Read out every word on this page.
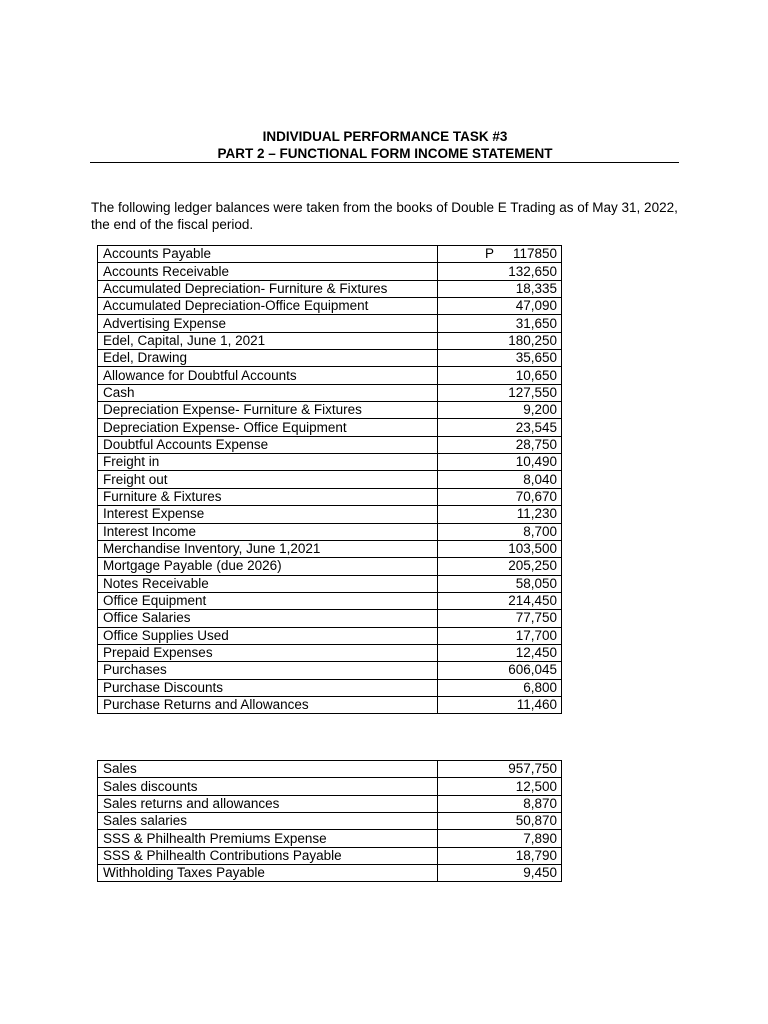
INDIVIDUAL PERFORMANCE TASK #3
PART 2 – FUNCTIONAL FORM INCOME STATEMENT
The following ledger balances were taken from the books of Double E Trading as of May 31, 2022, the end of the fiscal period.
Accounts Payable	P 117850
Accounts Receivable	132,650
Accumulated Depreciation- Furniture & Fixtures	18,335
Accumulated Depreciation-Office Equipment	47,090
Advertising Expense	31,650
Edel, Capital, June 1, 2021	180,250
Edel, Drawing	35,650
Allowance for Doubtful Accounts	10,650
Cash	127,550
Depreciation Expense- Furniture & Fixtures	9,200
Depreciation Expense- Office Equipment	23,545
Doubtful Accounts Expense	28,750
Freight in	10,490
Freight out	8,040
Furniture & Fixtures	70,670
Interest Expense	11,230
Interest Income	8,700
Merchandise Inventory, June 1,2021	103,500
Mortgage Payable (due 2026)	205,250
Notes Receivable	58,050
Office Equipment	214,450
Office Salaries	77,750
Office Supplies Used	17,700
Prepaid Expenses	12,450
Purchases	606,045
Purchase Discounts	6,800
Purchase Returns and Allowances	11,460
Sales	957,750
Sales discounts	12,500
Sales returns and allowances	8,870
Sales salaries	50,870
SSS & Philhealth Premiums Expense	7,890
SSS & Philhealth Contributions Payable	18,790
Withholding Taxes Payable	9,450
